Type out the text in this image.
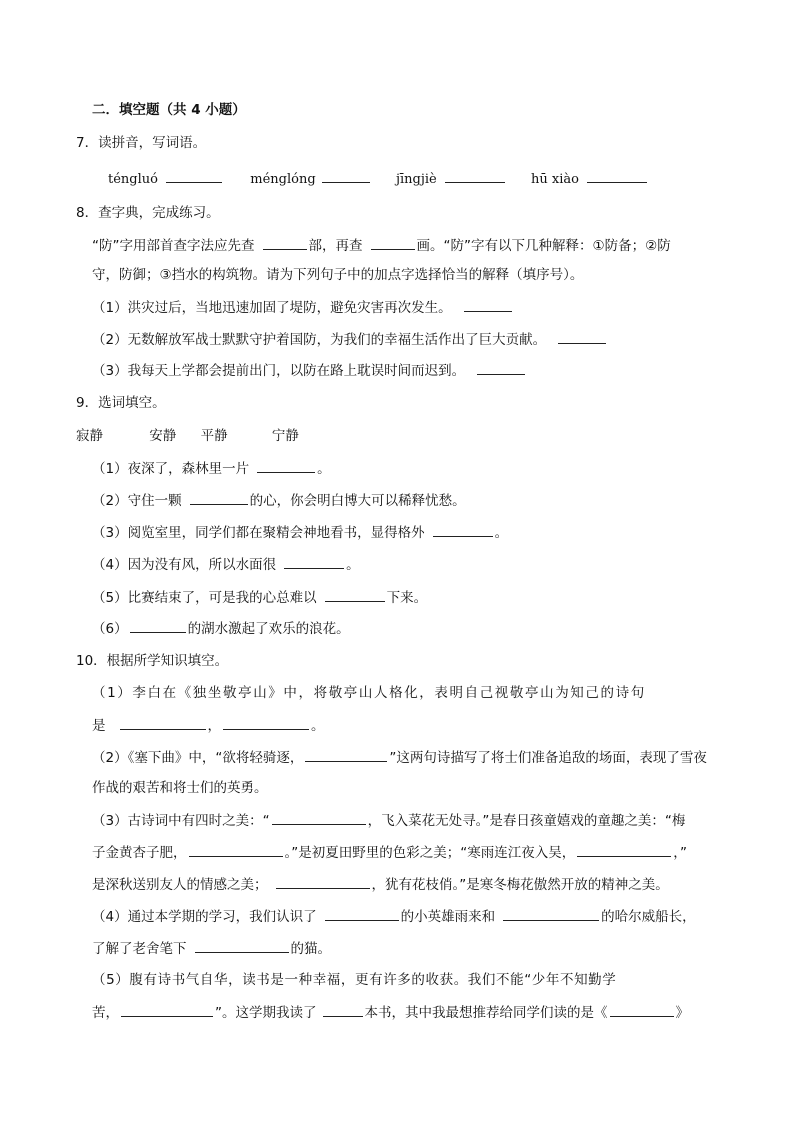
二．填空题（共 4 小题）
7．读拼音，写词语。
téngluó	ménglóng	jīngjiè	hū xiào
8．查字典，完成练习。
“防”字用部首查字法应先查	部，再查	画。“防”字有以下几种解释：①防备；②防
守，防御；③挡水的构筑物。请为下列句子中的加点字选择恰当的解释（填序号）。
（1）洪灾过后，当地迅速加固了堤防，避免灾害再次发生。
（2）无数解放军战士默默守护着国防，为我们的幸福生活作出了巨大贡献。
（3）我每天上学都会提前出门，以防在路上耽误时间而迟到。
9．选词填空。
寂静	安静 平静	宁静
（1）夜深了，森林里一片	。
（2）守住一颗	的心，你会明白博大可以稀释忧愁。
（3）阅览室里，同学们都在聚精会神地看书，显得格外	。
（4）因为没有风，所以水面很	。
（5）比赛结束了，可是我的心总难以	下来。
（6）	的湖水激起了欢乐的浪花。
10．根据所学知识填空。
（1）李白在《独坐敬亭山》中，将敬亭山人格化，表明自己视敬亭山为知己的诗句
是	，	。
（2）《塞下曲》中，“欲将轻骑逐，	”这两句诗描写了将士们准备追敌的场面，表现了雪夜
作战的艰苦和将士们的英勇。
（3）古诗词中有四时之美：“	，飞入菜花无处寻。”是春日孩童嬉戏的童趣之美：“梅
子金黄杏子肥，	。”是初夏田野里的色彩之美；“寒雨连江夜入吴，	，”
是深秋送别友人的情感之美；	，犹有花枝俏。”是寒冬梅花傲然开放的精神之美。
（4）通过本学期的学习，我们认识了	的小英雄雨来和	的哈尔威船长，
了解了老舍笔下	的猫。
（5）腹有诗书气自华，读书是一种幸福，更有许多的收获。我们不能“少年不知勤学
苦，	”。这学期我读了	本书，其中我最想推荐给同学们读的是《	》
